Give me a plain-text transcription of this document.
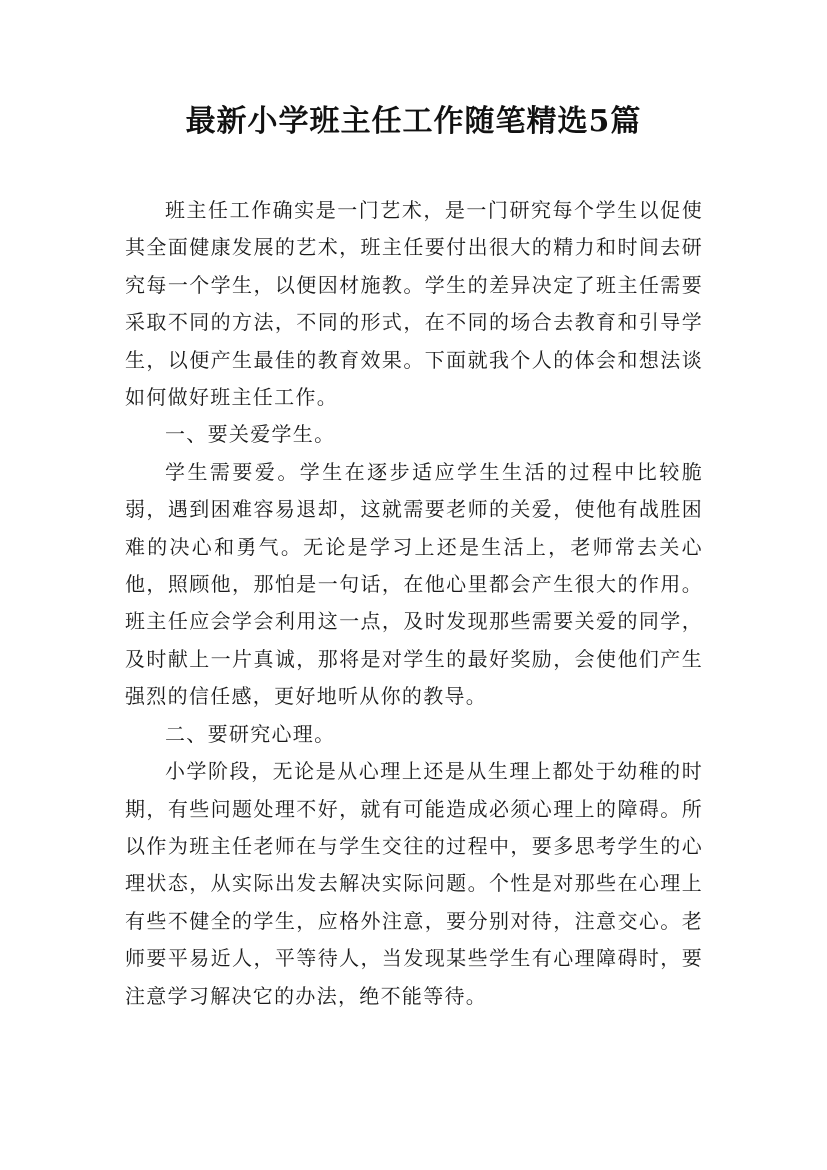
最新小学班主任工作随笔精选5篇

班主任工作确实是一门艺术，是一门研究每个学生以促使其全面健康发展的艺术，班主任要付出很大的精力和时间去研究每一个学生，以便因材施教。学生的差异决定了班主任需要采取不同的方法，不同的形式，在不同的场合去教育和引导学生，以便产生最佳的教育效果。下面就我个人的体会和想法谈如何做好班主任工作。

一、要关爱学生。

学生需要爱。学生在逐步适应学生生活的过程中比较脆弱，遇到困难容易退却，这就需要老师的关爱，使他有战胜困难的决心和勇气。无论是学习上还是生活上，老师常去关心他，照顾他，那怕是一句话，在他心里都会产生很大的作用。班主任应会学会利用这一点，及时发现那些需要关爱的同学，及时献上一片真诚，那将是对学生的最好奖励，会使他们产生强烈的信任感，更好地听从你的教导。

二、要研究心理。

小学阶段，无论是从心理上还是从生理上都处于幼稚的时期，有些问题处理不好，就有可能造成必须心理上的障碍。所以作为班主任老师在与学生交往的过程中，要多思考学生的心理状态，从实际出发去解决实际问题。个性是对那些在心理上有些不健全的学生，应格外注意，要分别对待，注意交心。老师要平易近人，平等待人，当发现某些学生有心理障碍时，要注意学习解决它的办法，绝不能等待。
